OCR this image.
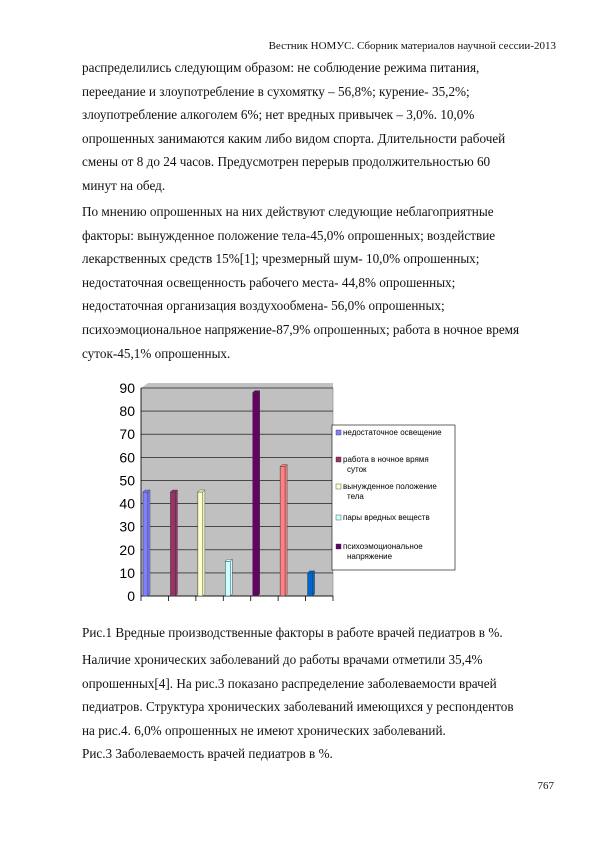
Вестник НОМУС. Сборник материалов научной сессии-2013
распределились следующим образом: не соблюдение режима питания,
переедание и злоупотребление в сухомятку – 56,8%; курение- 35,2%;
злоупотребление алкоголем 6%; нет вредных привычек – 3,0%. 10,0%
опрошенных занимаются каким либо видом спорта. Длительности рабочей
смены от 8 до 24 часов. Предусмотрен перерыв продолжительностью 60
минут на обед.
По мнению опрошенных на них действуют следующие неблагоприятные
факторы: вынужденное положение тела-45,0% опрошенных; воздействие
лекарственных средств 15%[1]; чрезмерный шум- 10,0% опрошенных;
недостаточная освещенность рабочего места- 44,8% опрошенных;
недостаточная организация воздухообмена- 56,0% опрошенных;
психоэмоциональное напряжение-87,9% опрошенных; работа в ночное время
суток-45,1% опрошенных.
0
10
20
30
40
50
60
70
80
90
недостаточное освещение
работа в ночное врямя
суток
вынужденное положение
тела
пары вредных веществ
психоэмоциональное
напряжение
Рис.1 Вредные производственные факторы в работе врачей педиатров в %.
Наличие хронических заболеваний до работы врачами отметили 35,4%
опрошенных[4]. На рис.3 показано распределение заболеваемости врачей
педиатров. Структура хронических заболеваний имеющихся у респондентов
на рис.4. 6,0% опрошенных не имеют хронических заболеваний.
Рис.3 Заболеваемость врачей педиатров в %.
767
